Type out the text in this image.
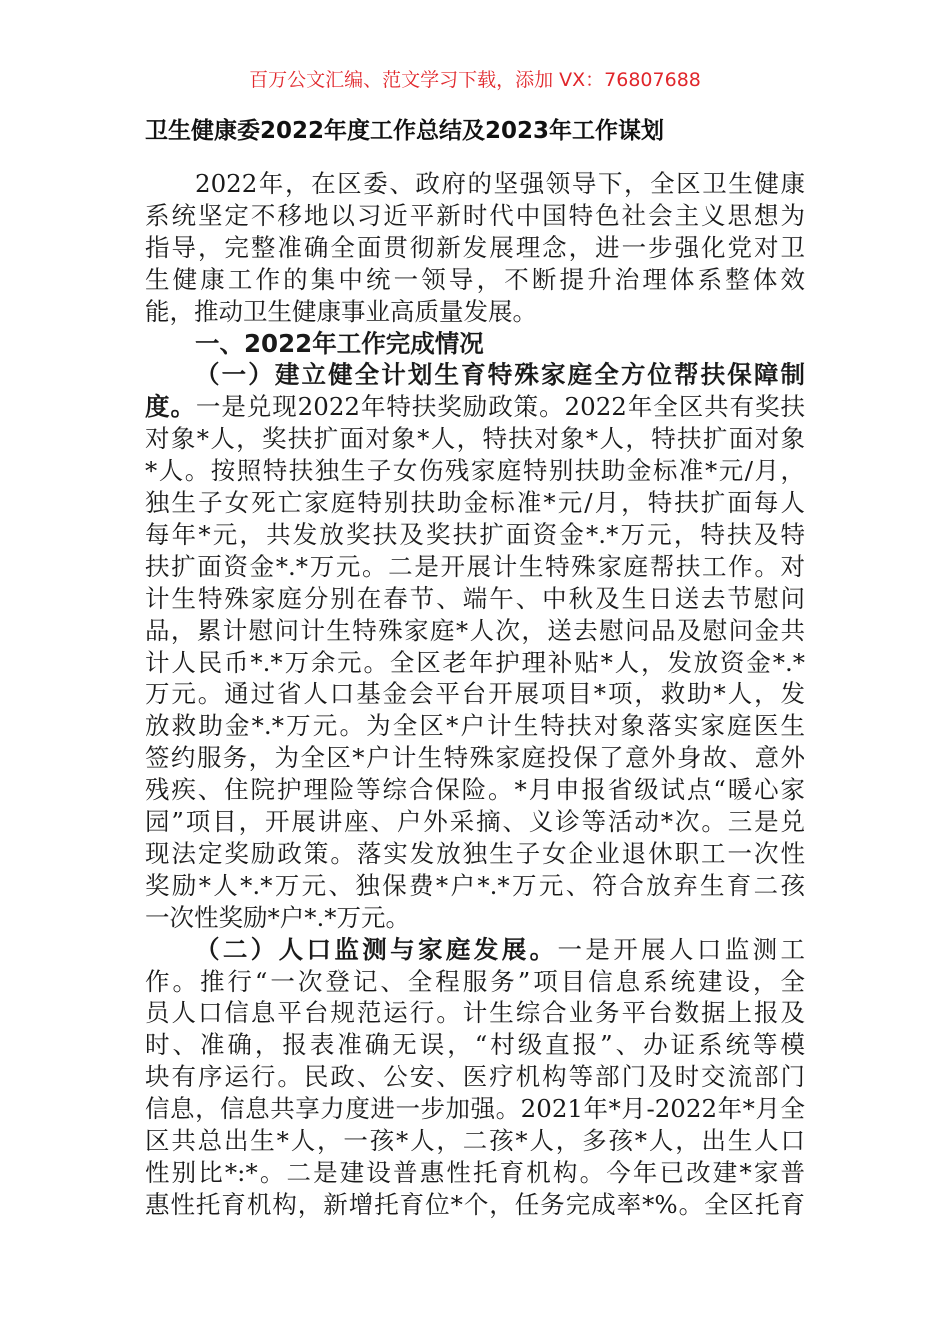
百万公文汇编、范文学习下载，添加 VX：76807688
卫生健康委2022年度工作总结及2023年工作谋划
2022年，在区委、政府的坚强领导下，全区卫生健康
系统坚定不移地以习近平新时代中国特色社会主义思想为
指导，完整准确全面贯彻新发展理念，进一步强化党对卫
生健康工作的集中统一领导，不断提升治理体系整体效
能，推动卫生健康事业高质量发展。
一、2022年工作完成情况
（一）建立健全计划生育特殊家庭全方位帮扶保障制
度。一是兑现2022年特扶奖励政策。2022年全区共有奖扶
对象*人，奖扶扩面对象*人，特扶对象*人，特扶扩面对象
*人。按照特扶独生子女伤残家庭特别扶助金标准*元/月，
独生子女死亡家庭特别扶助金标准*元/月，特扶扩面每人
每年*元，共发放奖扶及奖扶扩面资金*.*万元，特扶及特
扶扩面资金*.*万元。二是开展计生特殊家庭帮扶工作。对
计生特殊家庭分别在春节、端午、中秋及生日送去节慰问
品，累计慰问计生特殊家庭*人次，送去慰问品及慰问金共
计人民币*.*万余元。全区老年护理补贴*人，发放资金*.*
万元。通过省人口基金会平台开展项目*项，救助*人，发
放救助金*.*万元。为全区*户计生特扶对象落实家庭医生
签约服务，为全区*户计生特殊家庭投保了意外身故、意外
残疾、住院护理险等综合保险。*月申报省级试点“暖心家
园”项目，开展讲座、户外采摘、义诊等活动*次。三是兑
现法定奖励政策。落实发放独生子女企业退休职工一次性
奖励*人*.*万元、独保费*户*.*万元、符合放弃生育二孩
一次性奖励*户*.*万元。
（二）人口监测与家庭发展。一是开展人口监测工
作。推行“一次登记、全程服务”项目信息系统建设，全
员人口信息平台规范运行。计生综合业务平台数据上报及
时、准确，报表准确无误，“村级直报”、办证系统等模
块有序运行。民政、公安、医疗机构等部门及时交流部门
信息，信息共享力度进一步加强。2021年*月-2022年*月全
区共总出生*人，一孩*人，二孩*人，多孩*人，出生人口
性别比*:*。二是建设普惠性托育机构。今年已改建*家普
惠性托育机构，新增托育位*个，任务完成率*%。全区托育
